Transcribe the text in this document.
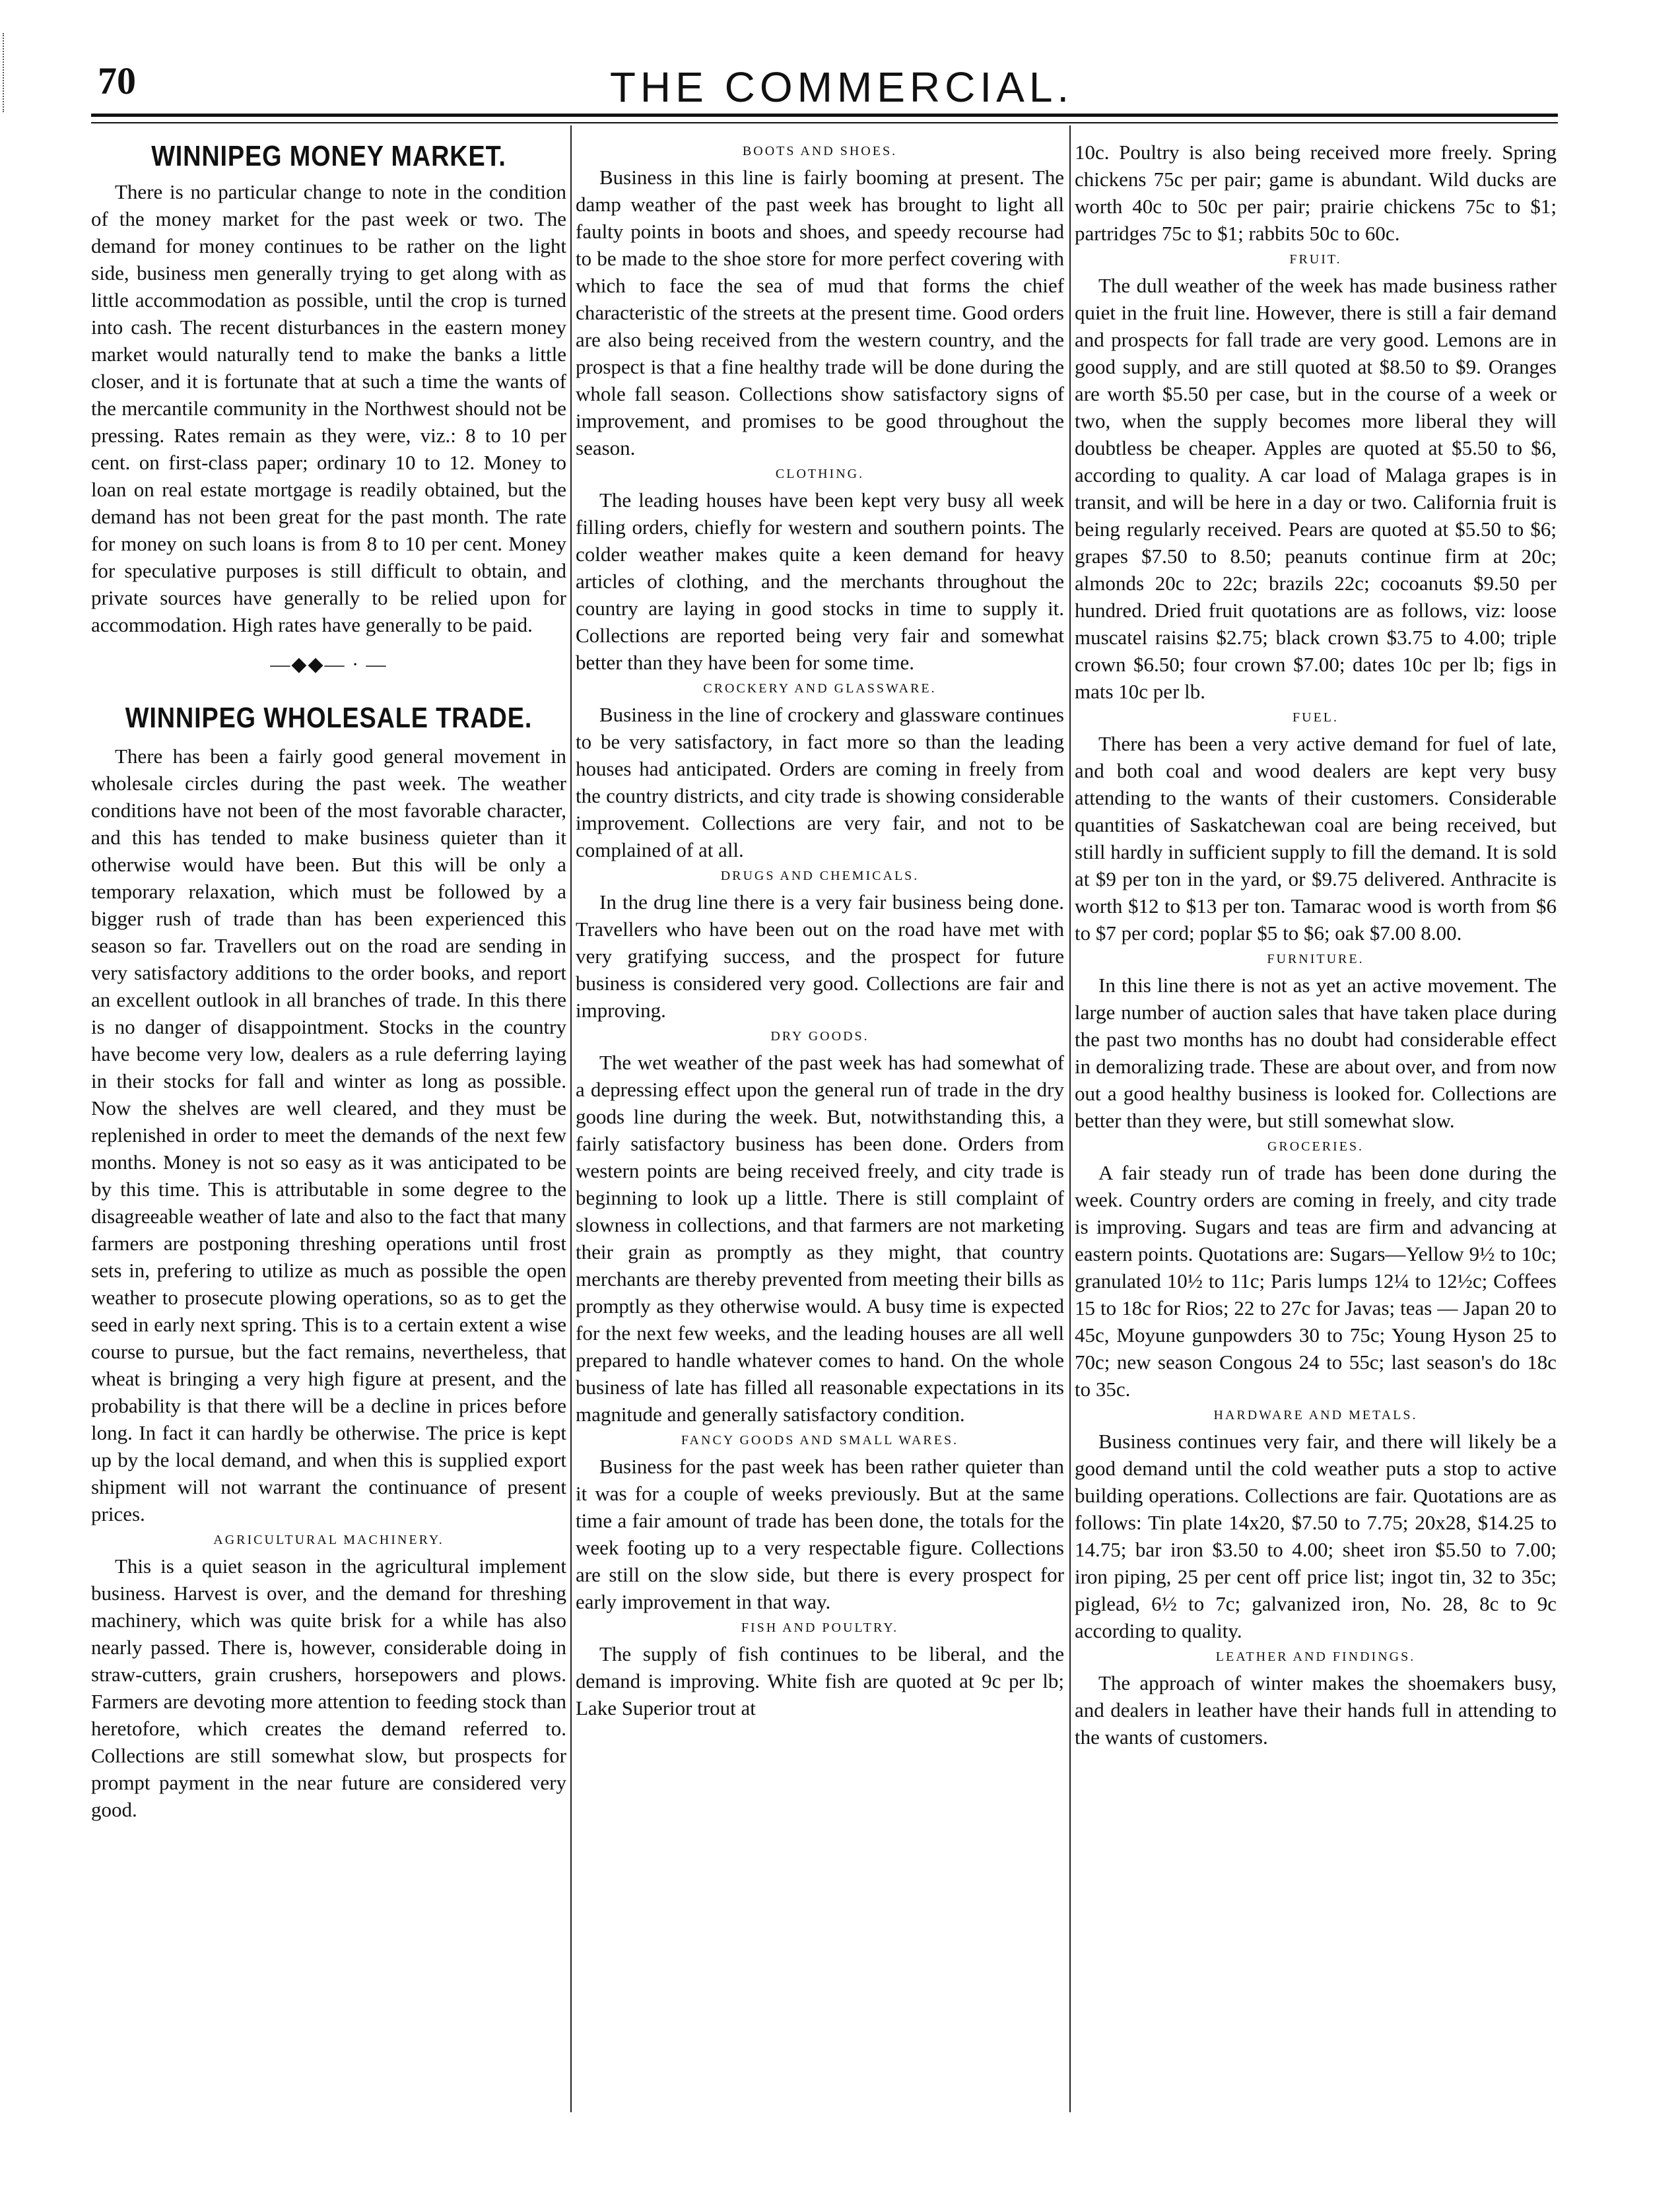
70	THE COMMERCIAL.
WINNIPEG MONEY MARKET.

There is no particular change to note in the condition of the money market for the past week or two. The demand for money continues to be rather on the light side, business men generally trying to get along with as little accommodation as possible, until the crop is turned into cash. The recent disturbances in the eastern money market would naturally tend to make the banks a little closer, and it is fortunate that at such a time the wants of the mercantile community in the Northwest should not be pressing. Rates remain as they were, viz.: 8 to 10 per cent. on first-class paper; ordinary 10 to 12. Money to loan on real estate mortgage is readily obtained, but the demand has not been great for the past month. The rate for money on such loans is from 8 to 10 per cent. Money for speculative purposes is still difficult to obtain, and private sources have generally to be relied upon for accommodation. High rates have generally to be paid.

—◆◆— · —
WINNIPEG WHOLESALE TRADE.

There has been a fairly good general movement in wholesale circles during the past week. The weather conditions have not been of the most favorable character, and this has tended to make business quieter than it otherwise would have been. But this will be only a temporary relaxation, which must be followed by a bigger rush of trade than has been experienced this season so far. Travellers out on the road are sending in very satisfactory additions to the order books, and report an excellent outlook in all branches of trade. In this there is no danger of disappointment. Stocks in the country have become very low, dealers as a rule deferring laying in their stocks for fall and winter as long as possible. Now the shelves are well cleared, and they must be replenished in order to meet the demands of the next few months. Money is not so easy as it was anticipated to be by this time. This is attributable in some degree to the disagreeable weather of late and also to the fact that many farmers are postponing threshing operations until frost sets in, prefering to utilize as much as possible the open weather to prosecute plowing operations, so as to get the seed in early next spring. This is to a certain extent a wise course to pursue, but the fact remains, nevertheless, that wheat is bringing a very high figure at present, and the probability is that there will be a decline in prices before long. In fact it can hardly be otherwise. The price is kept up by the local demand, and when this is supplied export shipment will not warrant the continuance of present prices.

AGRICULTURAL MACHINERY.

This is a quiet season in the agricultural implement business. Harvest is over, and the demand for threshing machinery, which was quite brisk for a while has also nearly passed. There is, however, considerable doing in straw-cutters, grain crushers, horsepowers and plows. Farmers are devoting more attention to feeding stock than heretofore, which creates the demand referred to. Collections are still somewhat slow, but prospects for prompt payment in the near future are considered very good.

BOOTS AND SHOES.

Business in this line is fairly booming at present. The damp weather of the past week has brought to light all faulty points in boots and shoes, and speedy recourse had to be made to the shoe store for more perfect covering with which to face the sea of mud that forms the chief characteristic of the streets at the present time. Good orders are also being received from the western country, and the prospect is that a fine healthy trade will be done during the whole fall season. Collections show satisfactory signs of improvement, and promises to be good throughout the season.

CLOTHING.

The leading houses have been kept very busy all week filling orders, chiefly for western and southern points. The colder weather makes quite a keen demand for heavy articles of clothing, and the merchants throughout the country are laying in good stocks in time to supply it. Collections are reported being very fair and somewhat better than they have been for some time.

CROCKERY AND GLASSWARE.

Business in the line of crockery and glassware continues to be very satisfactory, in fact more so than the leading houses had anticipated. Orders are coming in freely from the country districts, and city trade is showing considerable improvement. Collections are very fair, and not to be complained of at all.

DRUGS AND CHEMICALS.

In the drug line there is a very fair business being done. Travellers who have been out on the road have met with very gratifying success, and the prospect for future business is considered very good. Collections are fair and improving.

DRY GOODS.

The wet weather of the past week has had somewhat of a depressing effect upon the general run of trade in the dry goods line during the week. But, notwithstanding this, a fairly satisfactory business has been done. Orders from western points are being received freely, and city trade is beginning to look up a little. There is still complaint of slowness in collections, and that farmers are not marketing their grain as promptly as they might, that country merchants are thereby prevented from meeting their bills as promptly as they otherwise would. A busy time is expected for the next few weeks, and the leading houses are all well prepared to handle whatever comes to hand. On the whole business of late has filled all reasonable expectations in its magnitude and generally satisfactory condition.

FANCY GOODS AND SMALL WARES.

Business for the past week has been rather quieter than it was for a couple of weeks previously. But at the same time a fair amount of trade has been done, the totals for the week footing up to a very respectable figure. Collections are still on the slow side, but there is every prospect for early improvement in that way.

FISH AND POULTRY.

The supply of fish continues to be liberal, and the demand is improving. White fish are quoted at 9c per lb; Lake Superior trout at

10c. Poultry is also being received more freely. Spring chickens 75c per pair; game is abundant. Wild ducks are worth 40c to 50c per pair; prairie chickens 75c to $1; partridges 75c to $1; rabbits 50c to 60c.

FRUIT.

The dull weather of the week has made business rather quiet in the fruit line. However, there is still a fair demand and prospects for fall trade are very good. Lemons are in good supply, and are still quoted at $8.50 to $9. Oranges are worth $5.50 per case, but in the course of a week or two, when the supply becomes more liberal they will doubtless be cheaper. Apples are quoted at $5.50 to $6, according to quality. A car load of Malaga grapes is in transit, and will be here in a day or two. California fruit is being regularly received. Pears are quoted at $5.50 to $6; grapes $7.50 to 8.50; peanuts continue firm at 20c; almonds 20c to 22c; brazils 22c; cocoanuts $9.50 per hundred. Dried fruit quotations are as follows, viz: loose muscatel raisins $2.75; black crown $3.75 to 4.00; triple crown $6.50; four crown $7.00; dates 10c per lb; figs in mats 10c per lb.

FUEL.

There has been a very active demand for fuel of late, and both coal and wood dealers are kept very busy attending to the wants of their customers. Considerable quantities of Saskatchewan coal are being received, but still hardly in sufficient supply to fill the demand. It is sold at $9 per ton in the yard, or $9.75 delivered. Anthracite is worth $12 to $13 per ton. Tamarac wood is worth from $6 to $7 per cord; poplar $5 to $6; oak $7.00 8.00.

FURNITURE.

In this line there is not as yet an active movement. The large number of auction sales that have taken place during the past two months has no doubt had considerable effect in demoralizing trade. These are about over, and from now out a good healthy business is looked for. Collections are better than they were, but still somewhat slow.

GROCERIES.

A fair steady run of trade has been done during the week. Country orders are coming in freely, and city trade is improving. Sugars and teas are firm and advancing at eastern points. Quotations are: Sugars—Yellow 9½ to 10c; granulated 10½ to 11c; Paris lumps 12¼ to 12½c; Coffees 15 to 18c for Rios; 22 to 27c for Javas; teas — Japan 20 to 45c, Moyune gunpowders 30 to 75c; Young Hyson 25 to 70c; new season Congous 24 to 55c; last season's do 18c to 35c.

HARDWARE AND METALS.

Business continues very fair, and there will likely be a good demand until the cold weather puts a stop to active building operations. Collections are fair. Quotations are as follows: Tin plate 14x20, $7.50 to 7.75; 20x28, $14.25 to 14.75; bar iron $3.50 to 4.00; sheet iron $5.50 to 7.00; iron piping, 25 per cent off price list; ingot tin, 32 to 35c; piglead, 6½ to 7c; galvanized iron, No. 28, 8c to 9c according to quality.

LEATHER AND FINDINGS.

The approach of winter makes the shoemakers busy, and dealers in leather have their hands full in attending to the wants of customers.
